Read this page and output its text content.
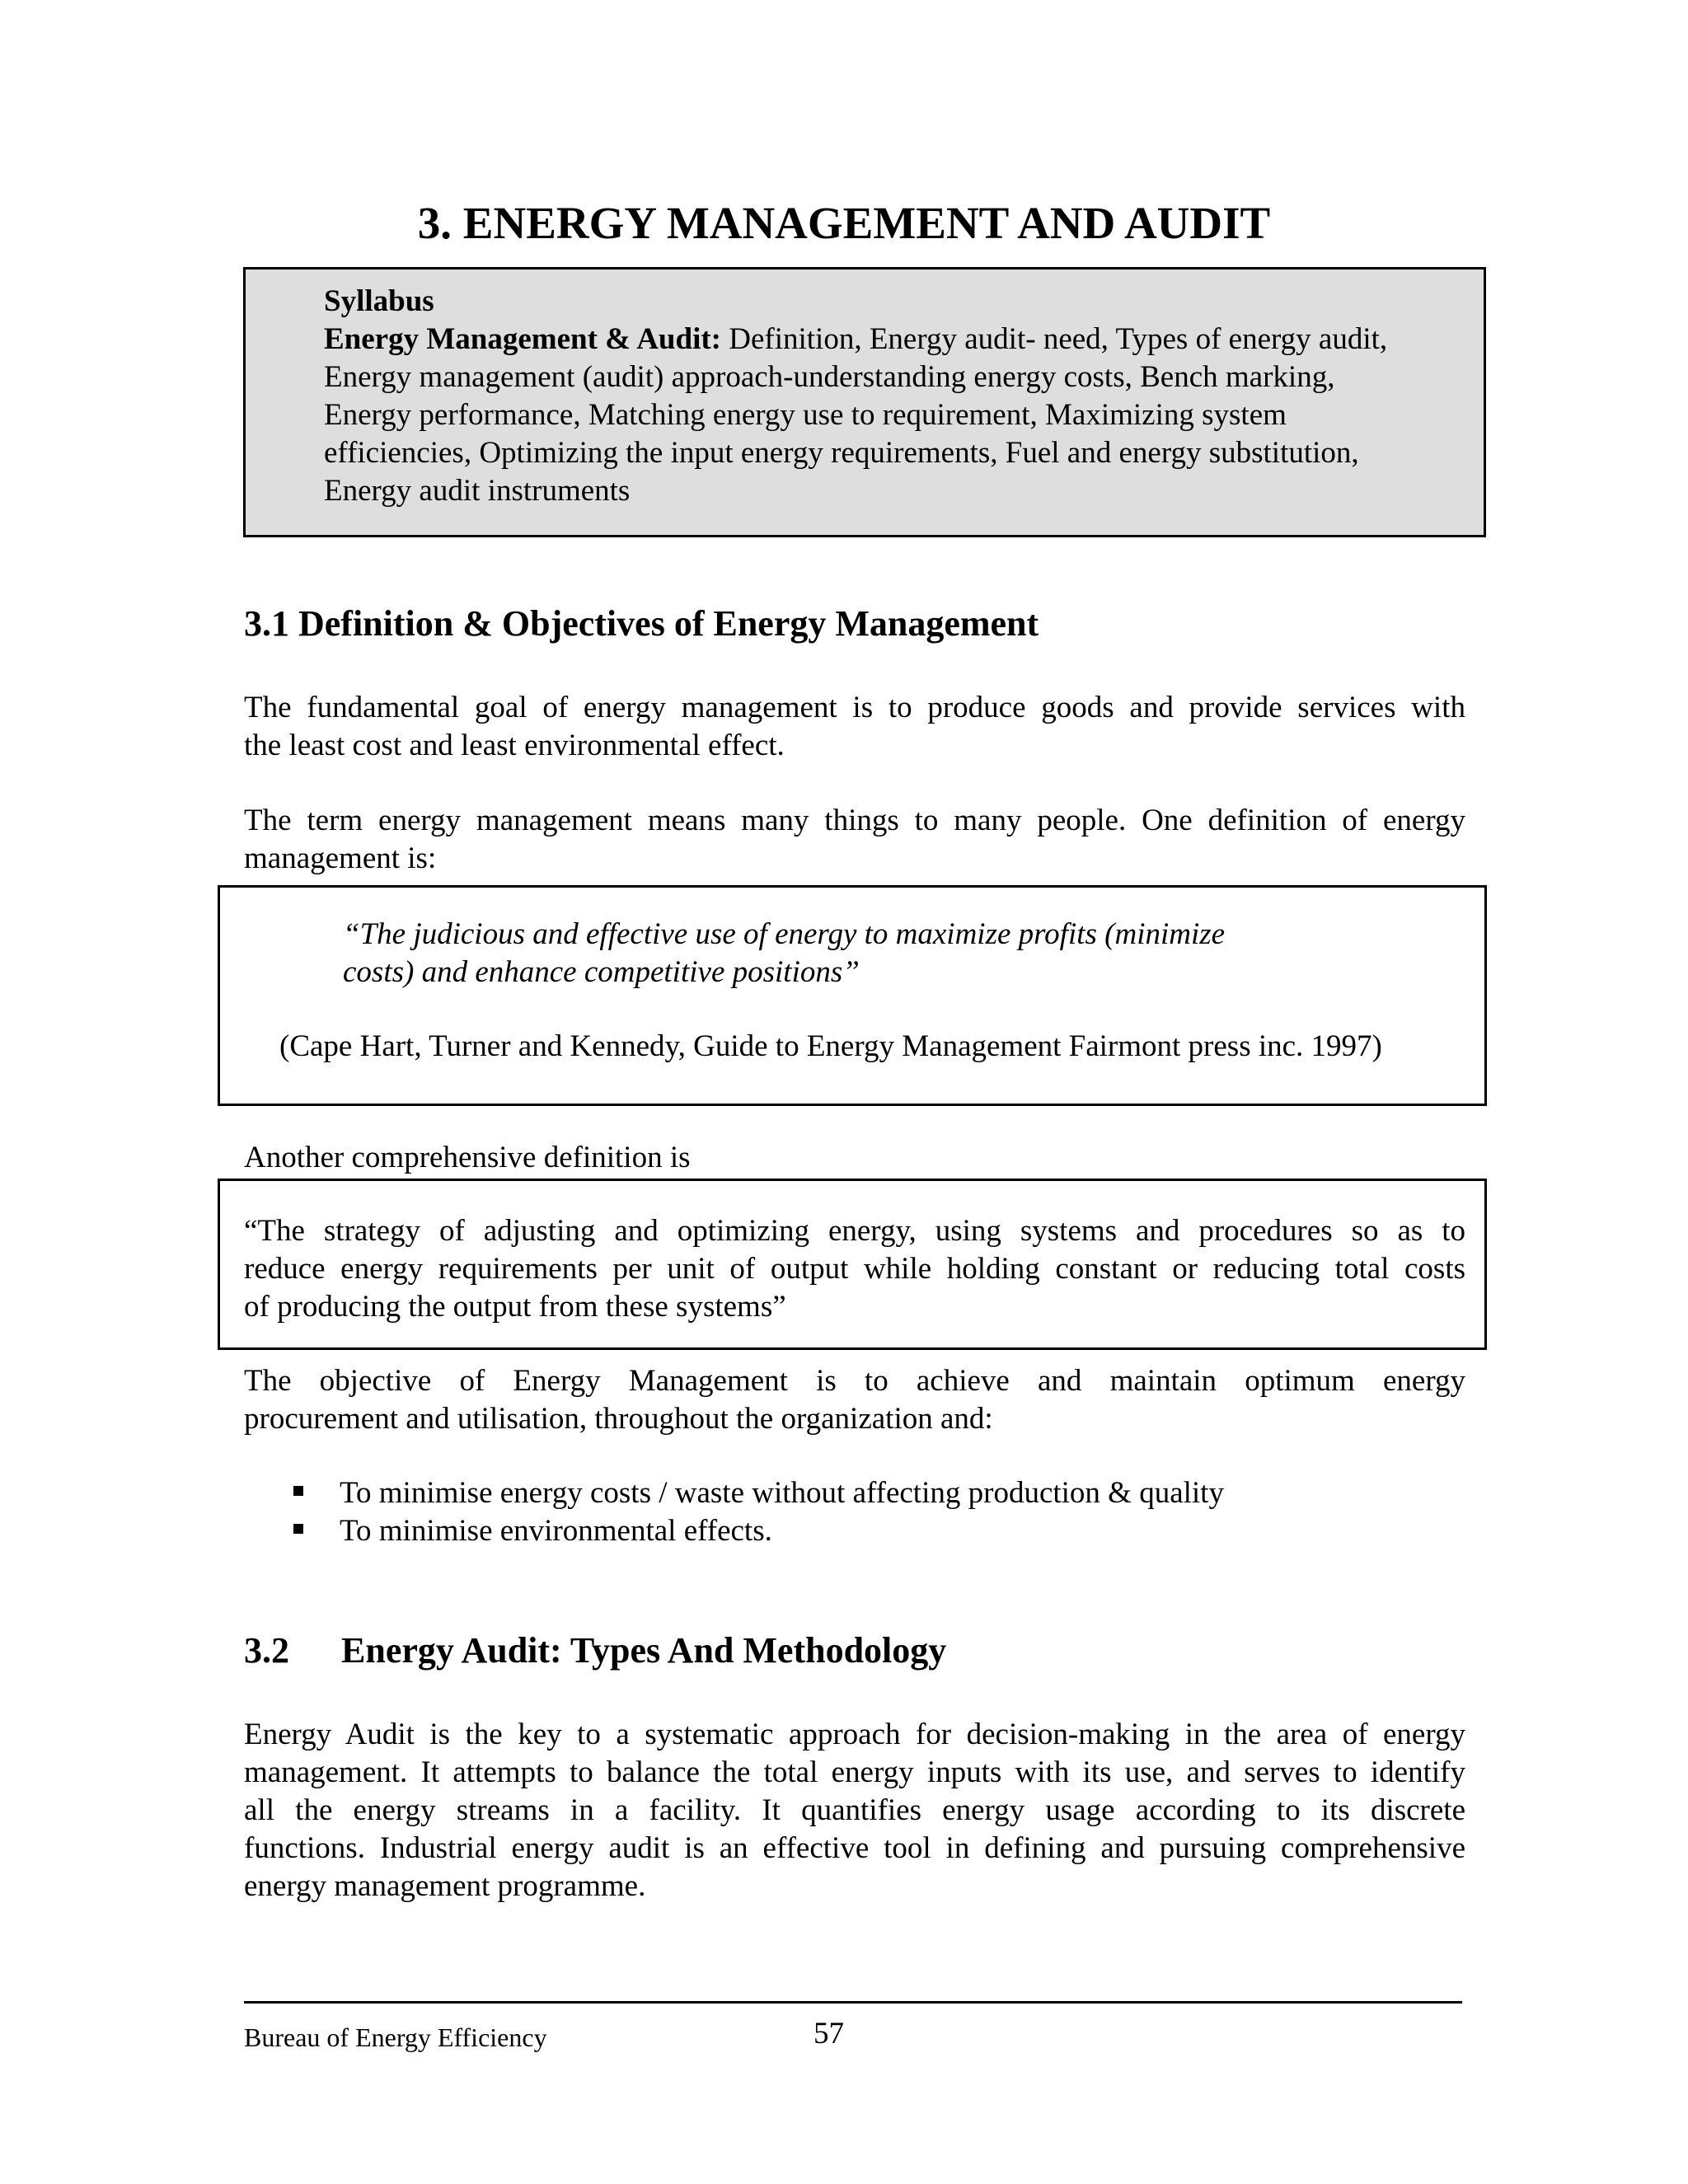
3. ENERGY MANAGEMENT AND AUDIT
Syllabus
Energy Management & Audit: Definition, Energy audit- need, Types of energy audit,
Energy management (audit) approach-understanding energy costs, Bench marking,
Energy performance, Matching energy use to requirement, Maximizing system
efficiencies, Optimizing the input energy requirements, Fuel and energy substitution,
Energy audit instruments
3.1 Definition & Objectives of Energy Management
The fundamental goal of energy management is to produce goods and provide services with
the least cost and least environmental effect.
The term energy management means many things to many people. One definition of energy
management is:
“The judicious and effective use of energy to maximize profits (minimize
costs) and enhance competitive positions”
(Cape Hart, Turner and Kennedy, Guide to Energy Management Fairmont press inc. 1997)
Another comprehensive definition is
“The strategy of adjusting and optimizing energy, using systems and procedures so as to
reduce energy requirements per unit of output while holding constant or reducing total costs
of producing the output from these systems”
The objective of Energy Management is to achieve and maintain optimum energy
procurement and utilisation, throughout the organization and:
To minimise energy costs / waste without affecting production & quality
To minimise environmental effects.
3.2 Energy Audit: Types And Methodology
Energy Audit is the key to a systematic approach for decision-making in the area of energy
management. It attempts to balance the total energy inputs with its use, and serves to identify
all the energy streams in a facility. It quantifies energy usage according to its discrete
functions. Industrial energy audit is an effective tool in defining and pursuing comprehensive
energy management programme.
Bureau of Energy Efficiency	57
